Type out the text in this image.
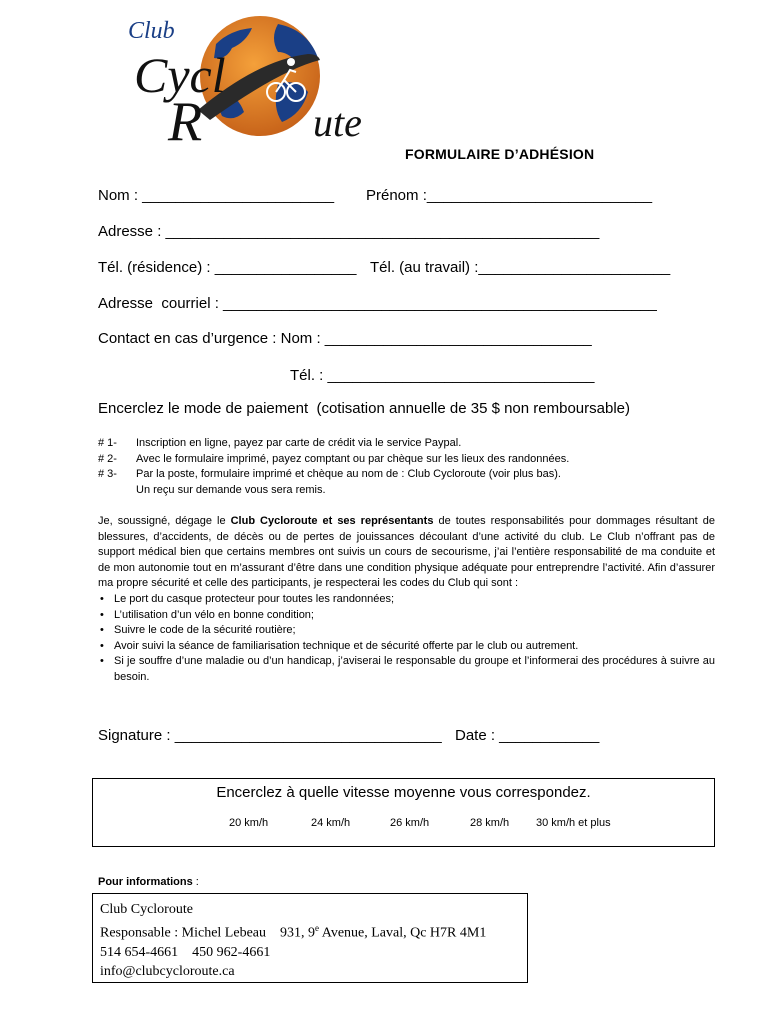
Club
Cycl
R	ute
FORMULAIRE D’ADHÉSION
Nom : _______________________ Prénom :___________________________
Adresse : ____________________________________________________
Tél. (résidence) : _________________ Tél. (au travail) :_______________________
Adresse  courriel : ____________________________________________________
Contact en cas d’urgence : Nom : ________________________________
Tél. : ________________________________
Encerclez le mode de paiement  (cotisation annuelle de 35 $ non remboursable)
# 1-	Inscription en ligne, payez par carte de crédit via le service Paypal.
# 2-	Avec le formulaire imprimé, payez comptant ou par chèque sur les lieux des randonnées.
# 3-	Par la poste, formulaire imprimé et chèque au nom de : Club Cycloroute (voir plus bas).
Un reçu sur demande vous sera remis.

Je, soussigné, dégage le Club Cycloroute et ses représentants de toutes responsabilités pour dommages résultant de blessures, d’accidents, de décès ou de pertes de jouissances découlant d’une activité du club. Le Club n’offrant pas de support médical bien que certains membres ont suivis un cours de secourisme, j’ai l’entière responsabilité de ma conduite et de mon autonomie tout en m’assurant d’être dans une condition physique adéquate pour entreprendre l’activité. Afin d’assurer ma propre sécurité et celle des participants, je respecterai les codes du Club qui sont :

• Le port du casque protecteur pour toutes les randonnées;
• L’utilisation d’un vélo en bonne condition;
• Suivre le code de la sécurité routière;
• Avoir suivi la séance de familiarisation technique et de sécurité offerte par le club ou autrement.
• Si je souffre d’une maladie ou d’un handicap, j’aviserai le responsable du groupe et l’informerai des procédures à suivre au besoin.
Signature : ________________________________ Date : ____________
Encerclez à quelle vitesse moyenne vous correspondez.
20 km/h	24 km/h	26 km/h	28 km/h 30 km/h et plus
Pour informations :
Club Cycloroute
Responsable : Michel Lebeau    931, 9e Avenue, Laval, Qc H7R 4M1
514 654-4661    450 962-4661
info@clubcycloroute.ca
